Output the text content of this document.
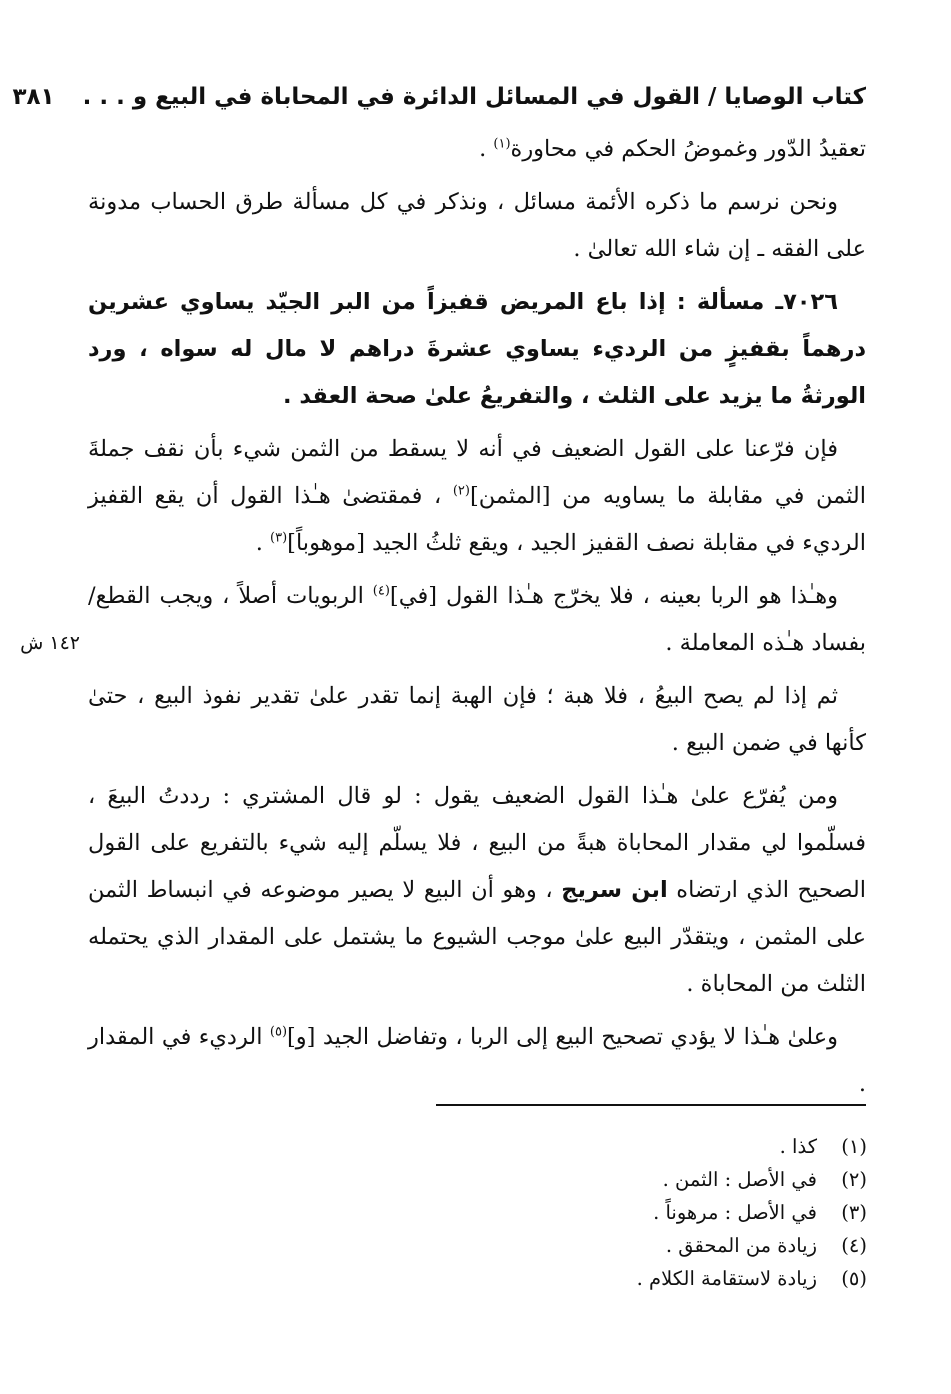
كتاب الوصايا / القول في المسائل الدائرة في المحاباة في البيع و . . .
٣٨١

تعقيدُ الدّور وغموضُ الحكم في محاورة$^{(١)}$ .

ونحن نرسم ما ذكره الأئمة مسائل ، ونذكر في كل مسألة طرق الحساب مدونة على الفقه ـ إن شاء الله تعالىٰ .

٧٠٢٦ـ مسألة : إذا باع المريض قفيزاً من البر الجيّد يساوي عشرين درهماً بقفيزٍ من الرديء يساوي عشرةَ دراهم لا مال له سواه ، ورد الورثةُ ما يزيد على الثلث ، والتفريعُ علىٰ صحة العقد .

فإن فرّعنا على القول الضعيف في أنه لا يسقط من الثمن شيء بأن نقف جملةَ الثمن في مقابلة ما يساويه من [المثمن]$^{(٢)}$ ، فمقتضىٰ هـٰذا القول أن يقع القفيز الرديء في مقابلة نصف القفيز الجيد ، ويقع ثلثُ الجيد [موهوباً]$^{(٣)}$ .

وهـٰذا هو الربا بعينه ، فلا يخرّج هـٰذا القول [في]$^{(٤)}$ الربويات أصلاً ، ويجب القطع/ بفساد هـٰذه المعاملة .

ثم إذا لم يصح البيعُ ، فلا هبة ؛ فإن الهبة إنما تقدر علىٰ تقدير نفوذ البيع ، حتىٰ كأنها في ضمن البيع .

ومن يُفرّع علىٰ هـٰذا القول الضعيف يقول : لو قال المشتري : رددتُ البيعَ ، فسلّموا لي مقدار المحاباة هبةً من البيع ، فلا يسلّم إليه شيء بالتفريع على القول الصحيح الذي ارتضاه ابن سريج ، وهو أن البيع لا يصير موضوعه في انبساط الثمن على المثمن ، ويتقدّر البيع علىٰ موجب الشيوع ما يشتمل على المقدار الذي يحتمله الثلث من المحاباة .

وعلىٰ هـٰذا لا يؤدي تصحيح البيع إلى الربا ، وتفاضل الجيد [و]$^{(٥)}$ الرديء في المقدار .

١٤٢ ش
(١)
كذا .
(٢)
في الأصل : الثمن .
(٣)
في الأصل : مرهوناً .
(٤)
زيادة من المحقق .
(٥)
زيادة لاستقامة الكلام .
